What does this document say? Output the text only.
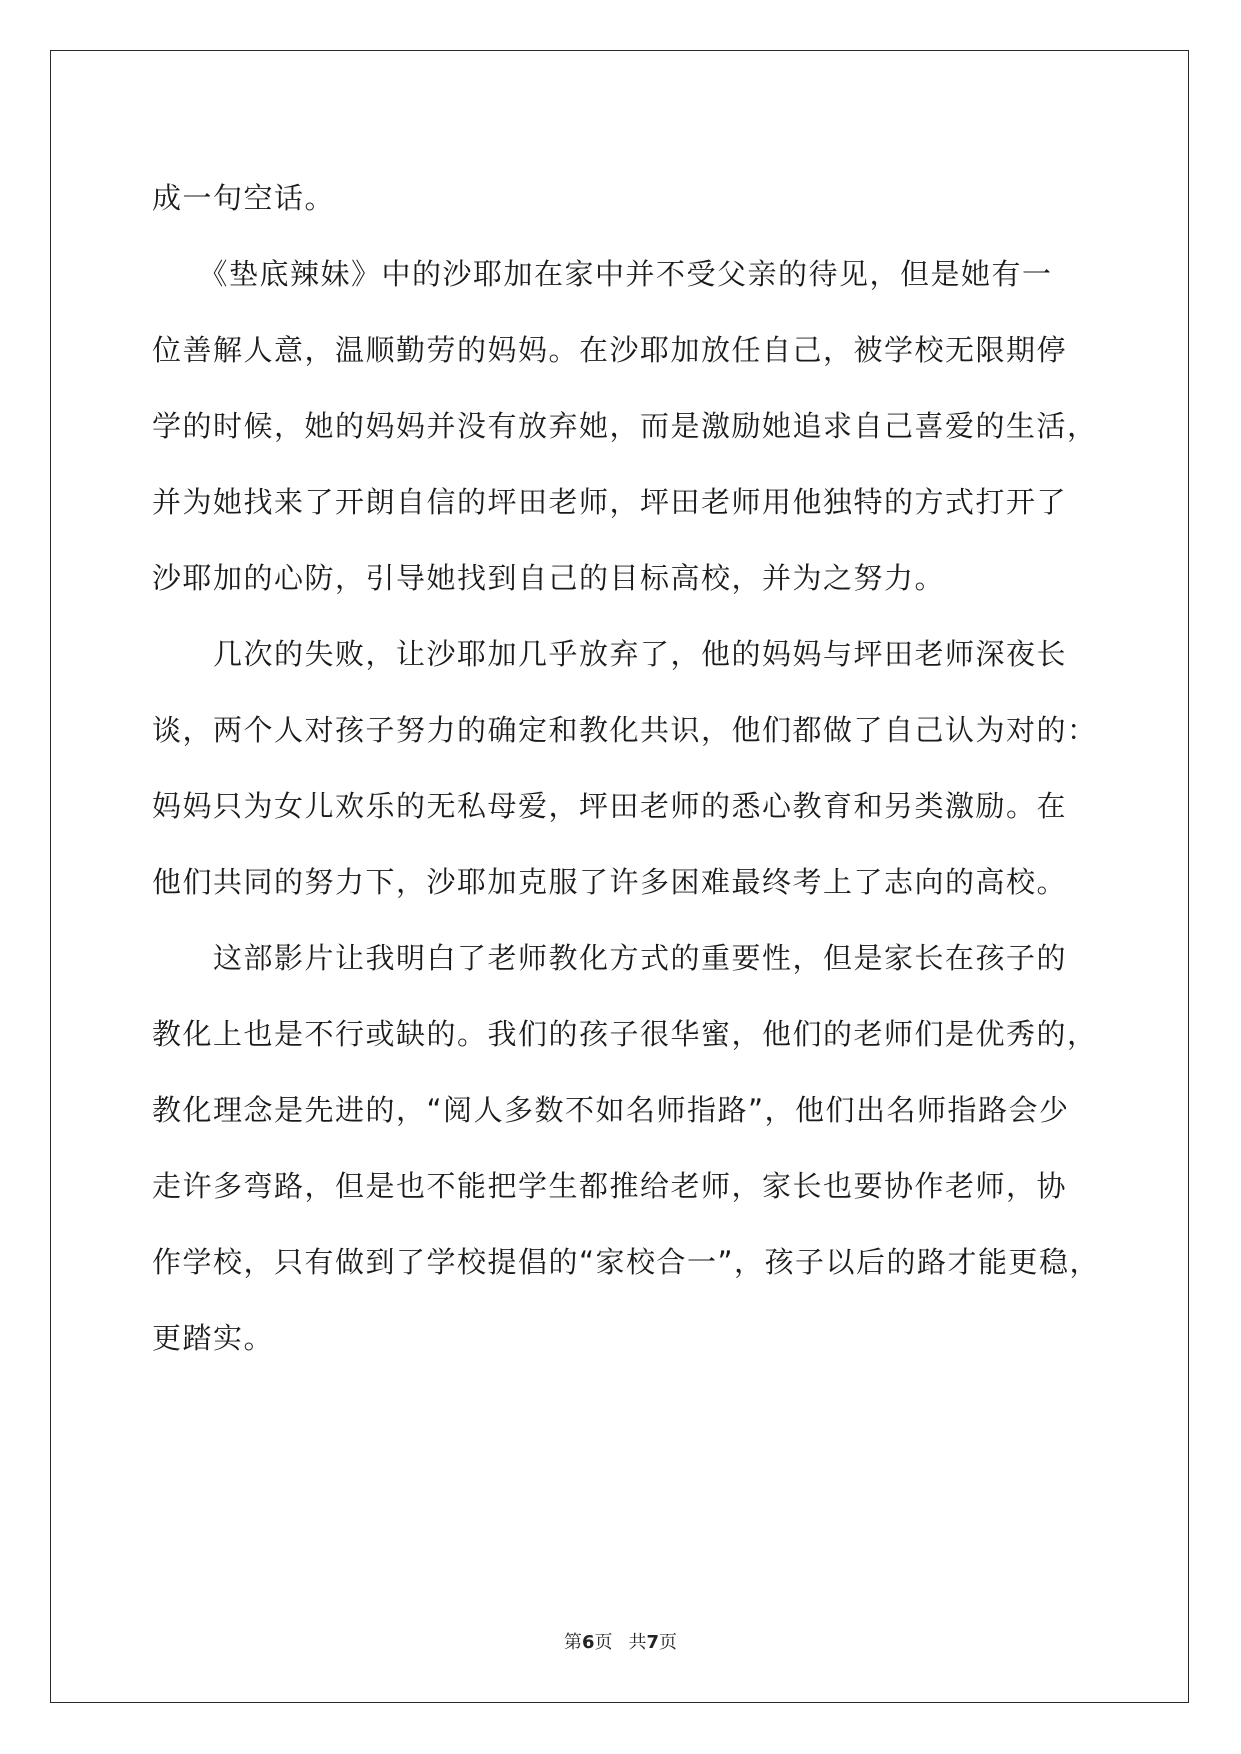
成一句空话。
　　《垫底辣妹》中的沙耶加在家中并不受父亲的待见，但是她有一
位善解人意，温顺勤劳的妈妈。在沙耶加放任自己，被学校无限期停
学的时候，她的妈妈并没有放弃她，而是激励她追求自己喜爱的生活，
并为她找来了开朗自信的坪田老师，坪田老师用他独特的方式打开了
沙耶加的心防，引导她找到自己的目标高校，并为之努力。
　　几次的失败，让沙耶加几乎放弃了，他的妈妈与坪田老师深夜长
谈，两个人对孩子努力的确定和教化共识，他们都做了自己认为对的：
妈妈只为女儿欢乐的无私母爱，坪田老师的悉心教育和另类激励。在
他们共同的努力下，沙耶加克服了许多困难最终考上了志向的高校。
　　这部影片让我明白了老师教化方式的重要性，但是家长在孩子的
教化上也是不行或缺的。我们的孩子很华蜜，他们的老师们是优秀的，
教化理念是先进的，“阅人多数不如名师指路”，他们出名师指路会少
走许多弯路，但是也不能把学生都推给老师，家长也要协作老师，协
作学校，只有做到了学校提倡的“家校合一”，孩子以后的路才能更稳，
更踏实。
第6页 共7页
